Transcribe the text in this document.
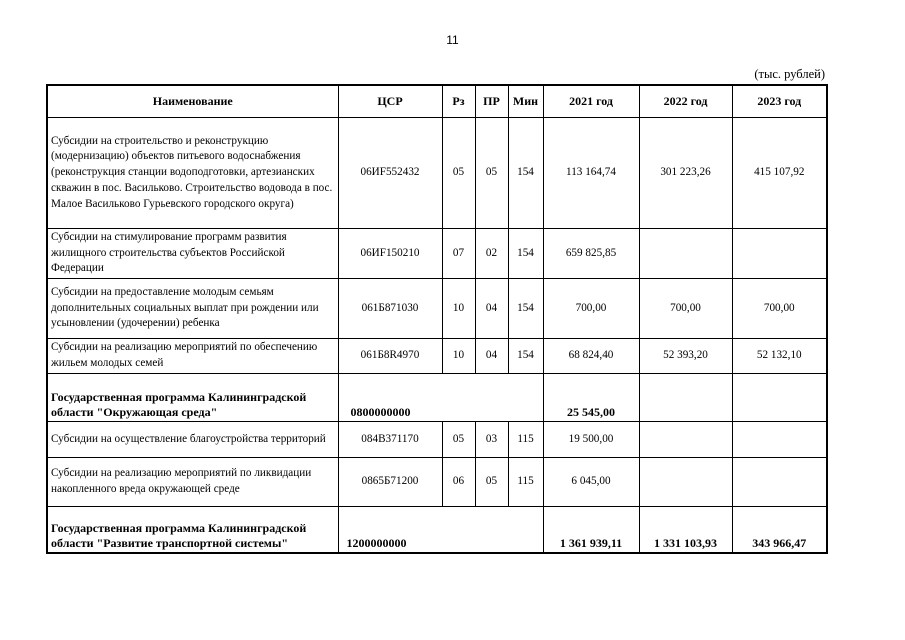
11
(тыс. рублей)
Наименование	ЦСР	Рз	ПР	Мин	2021 год	2022 год	2023 год
Субсидии на строительство и реконструкцию (модернизацию) объектов питьевого водоснабжения (реконструкция станции водоподготовки, артезианских скважин в пос. Васильково. Строительство водовода в пос. Малое Васильково Гурьевского городского округа)	06ИF552432	05	05	154	113 164,74	301 223,26	415 107,92
Субсидии на стимулирование программ развития жилищного строительства субъектов Российской Федерации	06ИF150210	07	02	154	659 825,85		
Субсидии на предоставление молодым семьям дополнительных социальных выплат при рождении или усыновлении (удочерении) ребенка	061Б871030	10	04	154	700,00	700,00	700,00
Субсидии на реализацию мероприятий по обеспечению жильем молодых семей	061Б8R4970	10	04	154	68 824,40	52 393,20	52 132,10
Государственная программа Калининградской области "Окружающая среда"	0800000000				25 545,00		
Субсидии на осуществление благоустройства территорий	084В371170	05	03	115	19 500,00		
Субсидии на реализацию мероприятий по ликвидации накопленного вреда окружающей среде	0865Б71200	06	05	115	6 045,00		
Государственная программа Калининградской области "Развитие транспортной системы"	1200000000				1 361 939,11	1 331 103,93	343 966,47
